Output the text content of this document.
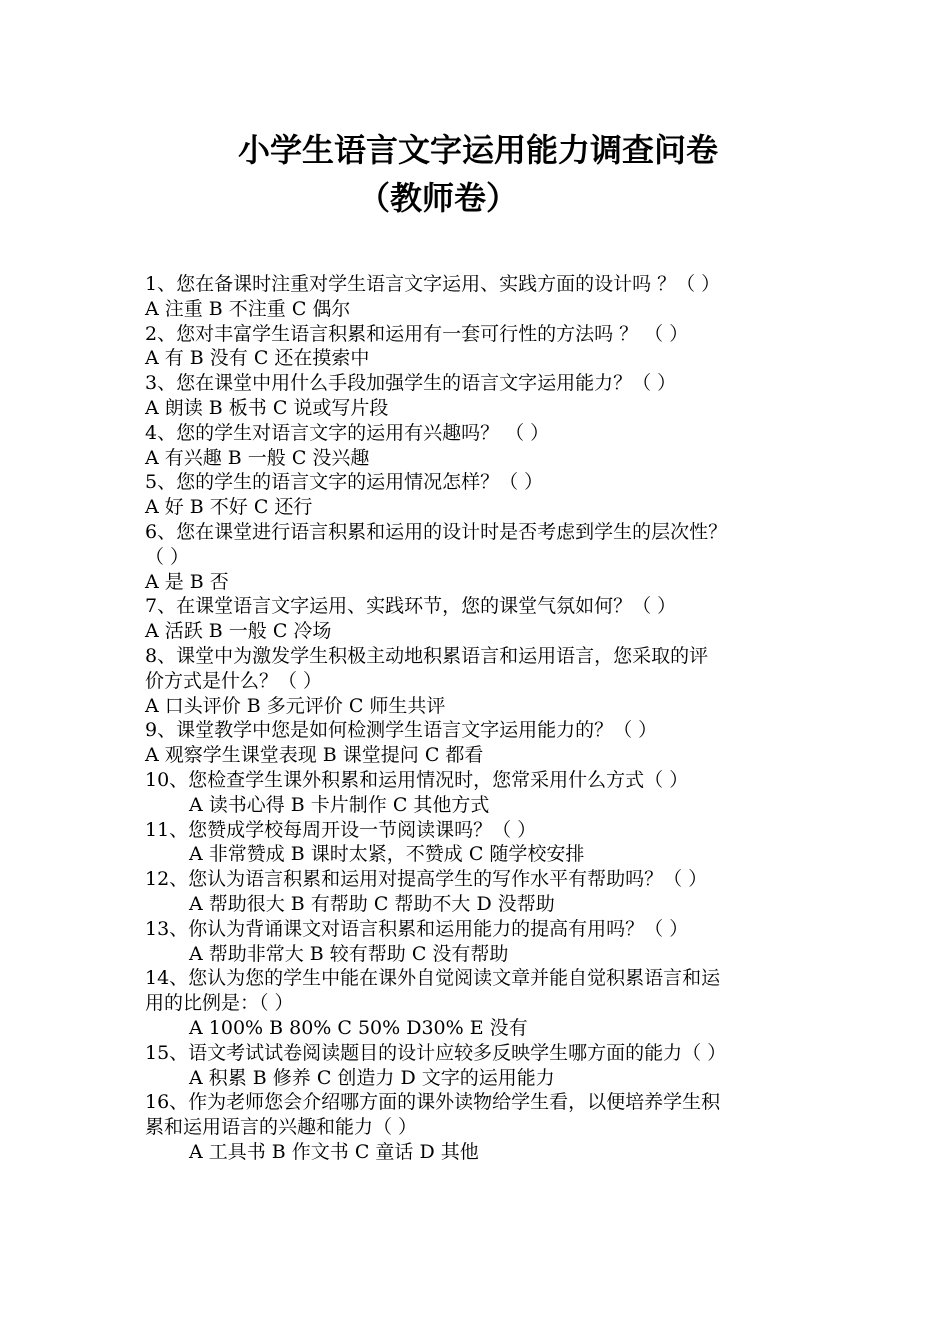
小学生语言文字运用能力调查问卷
（教师卷）
1、您在备课时注重对学生语言文字运用、实践方面的设计吗 ？（ ）
A 注重 B 不注重 C 偶尔
2、您对丰富学生语言积累和运用有一套可行性的方法吗 ？ （ ）
A 有 B 没有 C 还在摸索中
3、您在课堂中用什么手段加强学生的语言文字运用能力？（ ）
A 朗读 B 板书 C 说或写片段
4、您的学生对语言文字的运用有兴趣吗？ （ ）
A 有兴趣 B 一般 C 没兴趣
5、您的学生的语言文字的运用情况怎样？（ ）
A 好 B 不好 C 还行
6、您在课堂进行语言积累和运用的设计时是否考虑到学生的层次性？
（ ）
A 是 B 否
7、在课堂语言文字运用、实践环节，您的课堂气氛如何？（ ）
A 活跃 B 一般 C 冷场
8、课堂中为激发学生积极主动地积累语言和运用语言，您采取的评
价方式是什么？（ ）
A 口头评价 B 多元评价 C 师生共评
9、课堂教学中您是如何检测学生语言文字运用能力的？（ ）
A 观察学生课堂表现 B 课堂提问 C 都看
10、您检查学生课外积累和运用情况时，您常采用什么方式（ ）
A 读书心得 B 卡片制作 C 其他方式
11、您赞成学校每周开设一节阅读课吗？（ ）
A 非常赞成 B 课时太紧，不赞成 C 随学校安排
12、您认为语言积累和运用对提高学生的写作水平有帮助吗？（ ）
A 帮助很大 B 有帮助 C 帮助不大 D 没帮助
13、你认为背诵课文对语言积累和运用能力的提高有用吗？（ ）
A 帮助非常大 B 较有帮助 C 没有帮助
14、您认为您的学生中能在课外自觉阅读文章并能自觉积累语言和运
用的比例是：（ ）
A 100% B 80% C 50% D30% E 没有
15、语文考试试卷阅读题目的设计应较多反映学生哪方面的能力（ ）
A 积累 B 修养 C 创造力 D 文字的运用能力
16、作为老师您会介绍哪方面的课外读物给学生看，以便培养学生积
累和运用语言的兴趣和能力（ ）
A 工具书 B 作文书 C 童话 D 其他
